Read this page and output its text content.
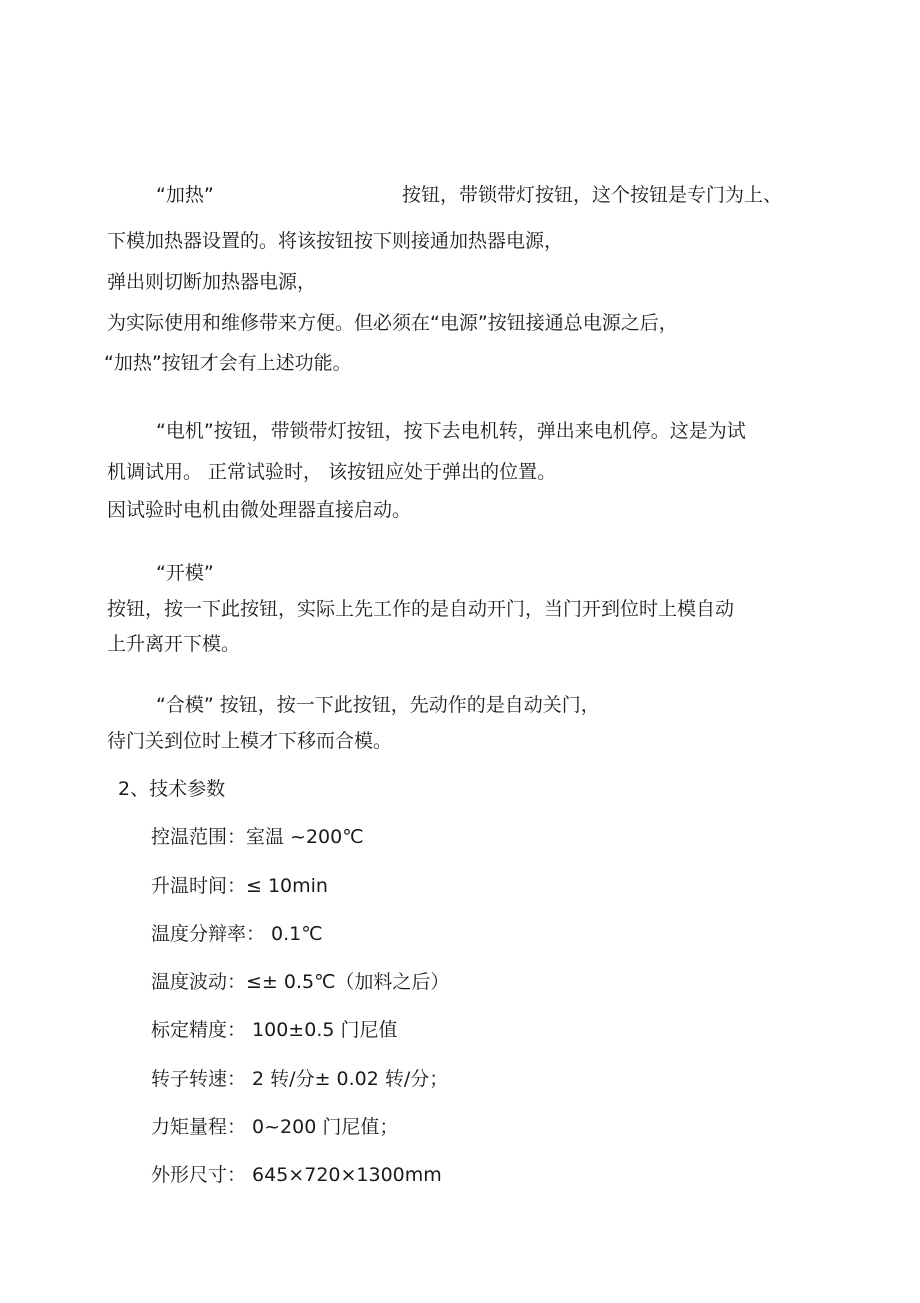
“加热”	按钮，带锁带灯按钮，这个按钮是专门为上、
下模加热器设置的。将该按钮按下则接通加热器电源，
弹出则切断加热器电源，
为实际使用和维修带来方便。但必须在“电源”按钮接通总电源之后，
“加热”按钮才会有上述功能。
“电机”按钮，带锁带灯按钮，按下去电机转，弹出来电机停。这是为试
机调试用。 正常试验时， 该按钮应处于弹出的位置。
因试验时电机由微处理器直接启动。
“开模”
按钮，按一下此按钮，实际上先工作的是自动开门，当门开到位时上模自动
上升离开下模。
“合模” 按钮，按一下此按钮，先动作的是自动关门，
待门关到位时上模才下移而合模。
2、技术参数
控温范围：室温 ~200℃
升温时间：≤ 10min
温度分辩率： 0.1℃
温度波动：≤± 0.5℃（加料之后）
标定精度： 100±0.5 门尼值
转子转速： 2 转/分± 0.02 转/分；
力矩量程： 0~200 门尼值；
外形尺寸： 645×720×1300mm
